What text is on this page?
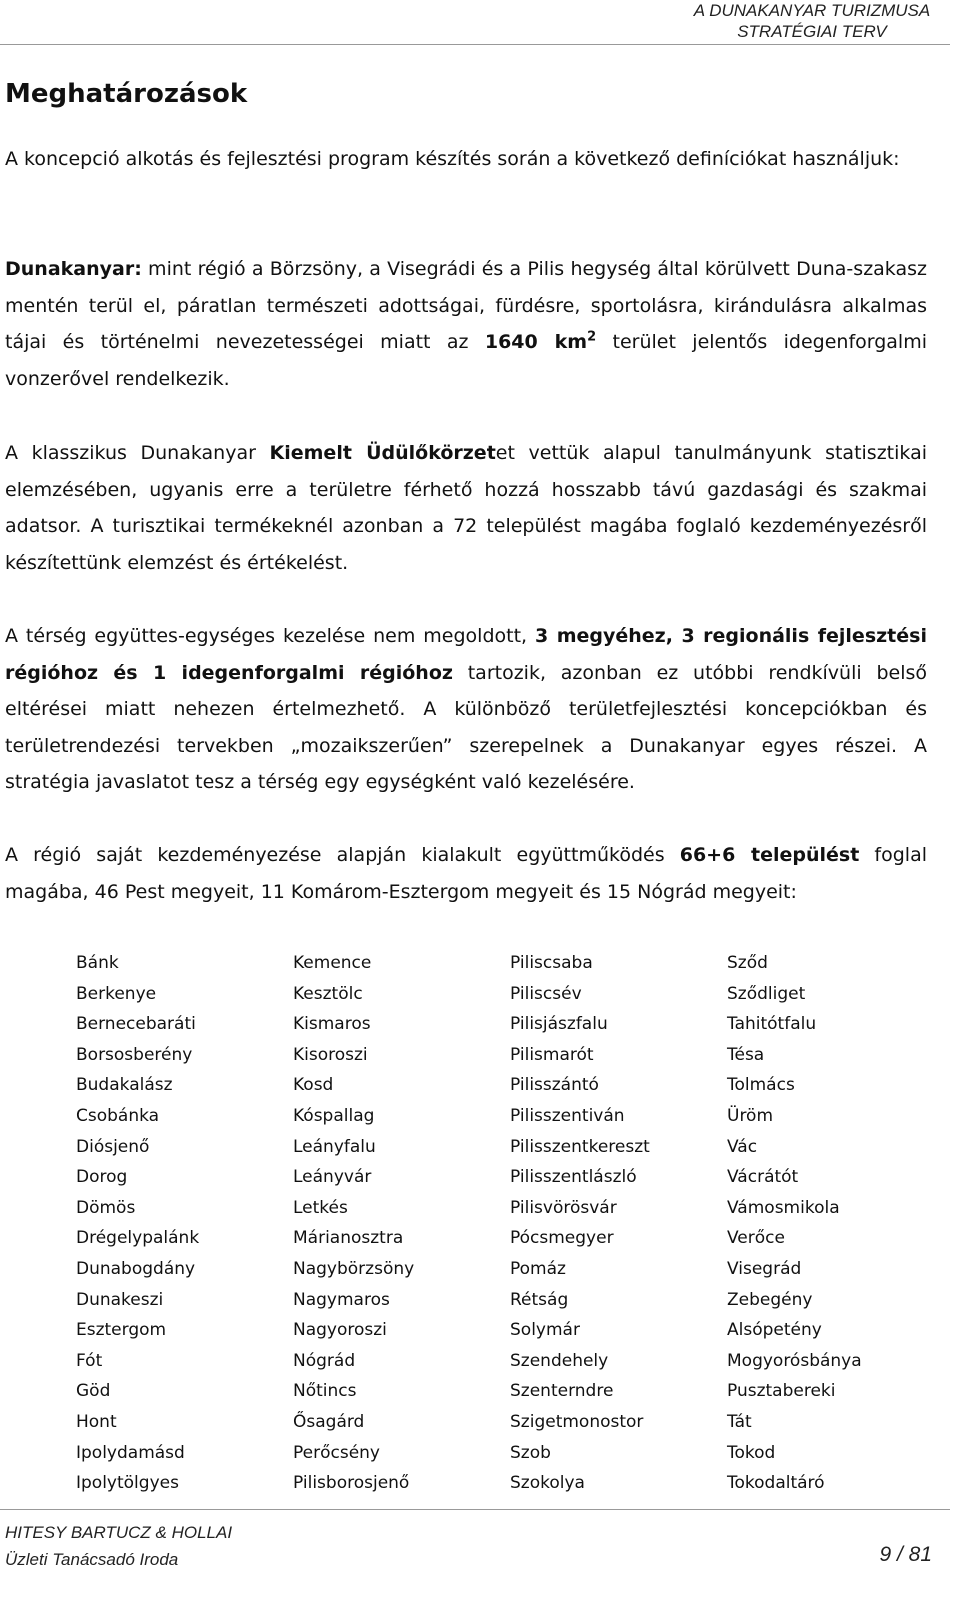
A DUNAKANYAR TURIZMUSA
STRATÉGIAI TERV
Meghatározások

A koncepció alkotás és fejlesztési program készítés során a következő definíciókat használjuk:

Dunakanyar: mint régió a Börzsöny, a Visegrádi és a Pilis hegység által körülvett Duna-szakasz mentén terül el, páratlan természeti adottságai, fürdésre, sportolásra, kirándulásra alkalmas tájai és történelmi nevezetességei miatt az 1640 $km^2$ terület jelentős idegenforgalmi vonzerővel rendelkezik.

A klasszikus Dunakanyar Kiemelt Üdülőkörzetet vettük alapul tanulmányunk statisztikai elemzésében, ugyanis erre a területre férhető hozzá hosszabb távú gazdasági és szakmai adatsor. A turisztikai termékeknél azonban a 72 települést magába foglaló kezdeményezésről készítettünk elemzést és értékelést.

A térség együttes-egységes kezelése nem megoldott, 3 megyéhez, 3 regionális fejlesztési régióhoz és 1 idegenforgalmi régióhoz tartozik, azonban ez utóbbi rendkívüli belső eltérései miatt nehezen értelmezhető. A különböző területfejlesztési koncepciókban és területrendezési tervekben „mozaikszerűen” szerepelnek a Dunakanyar egyes részei. A stratégia javaslatot tesz a térség egy egységként való kezelésére.

A régió saját kezdeményezése alapján kialakult együttműködés 66+6 települést foglal magába, 46 Pest megyeit, 11 Komárom-Esztergom megyeit és 15 Nógrád megyeit:

Bánk	Kemence	Piliscsaba	Sződ
Berkenye	Kesztölc	Piliscsév	Sződliget
Bernecebaráti	Kismaros	Pilisjászfalu	Tahitótfalu
Borsosberény	Kisoroszi	Pilismarót	Tésa
Budakalász	Kosd	Pilisszántó	Tolmács
Csobánka	Kóspallag	Pilisszentiván	Üröm
Diósjenő	Leányfalu	Pilisszentkereszt	Vác
Dorog	Leányvár	Pilisszentlászló	Vácrátót
Dömös	Letkés	Pilisvörösvár	Vámosmikola
Drégelypalánk	Márianosztra	Pócsmegyer	Verőce
Dunabogdány	Nagybörzsöny	Pomáz	Visegrád
Dunakeszi	Nagymaros	Rétság	Zebegény
Esztergom	Nagyoroszi	Solymár	Alsópetény
Fót	Nógrád	Szendehely	Mogyorósbánya
Göd	Nőtincs	Szenterndre	Pusztabereki
Hont	Ősagárd	Szigetmonostor	Tát
Ipolydamásd	Perőcsény	Szob	Tokod
Ipolytölgyes	Pilisborosjenő	Szokolya	Tokodaltáró
HITESY BARTUCZ & HOLLAI
Üzleti Tanácsadó Iroda	9 / 81
